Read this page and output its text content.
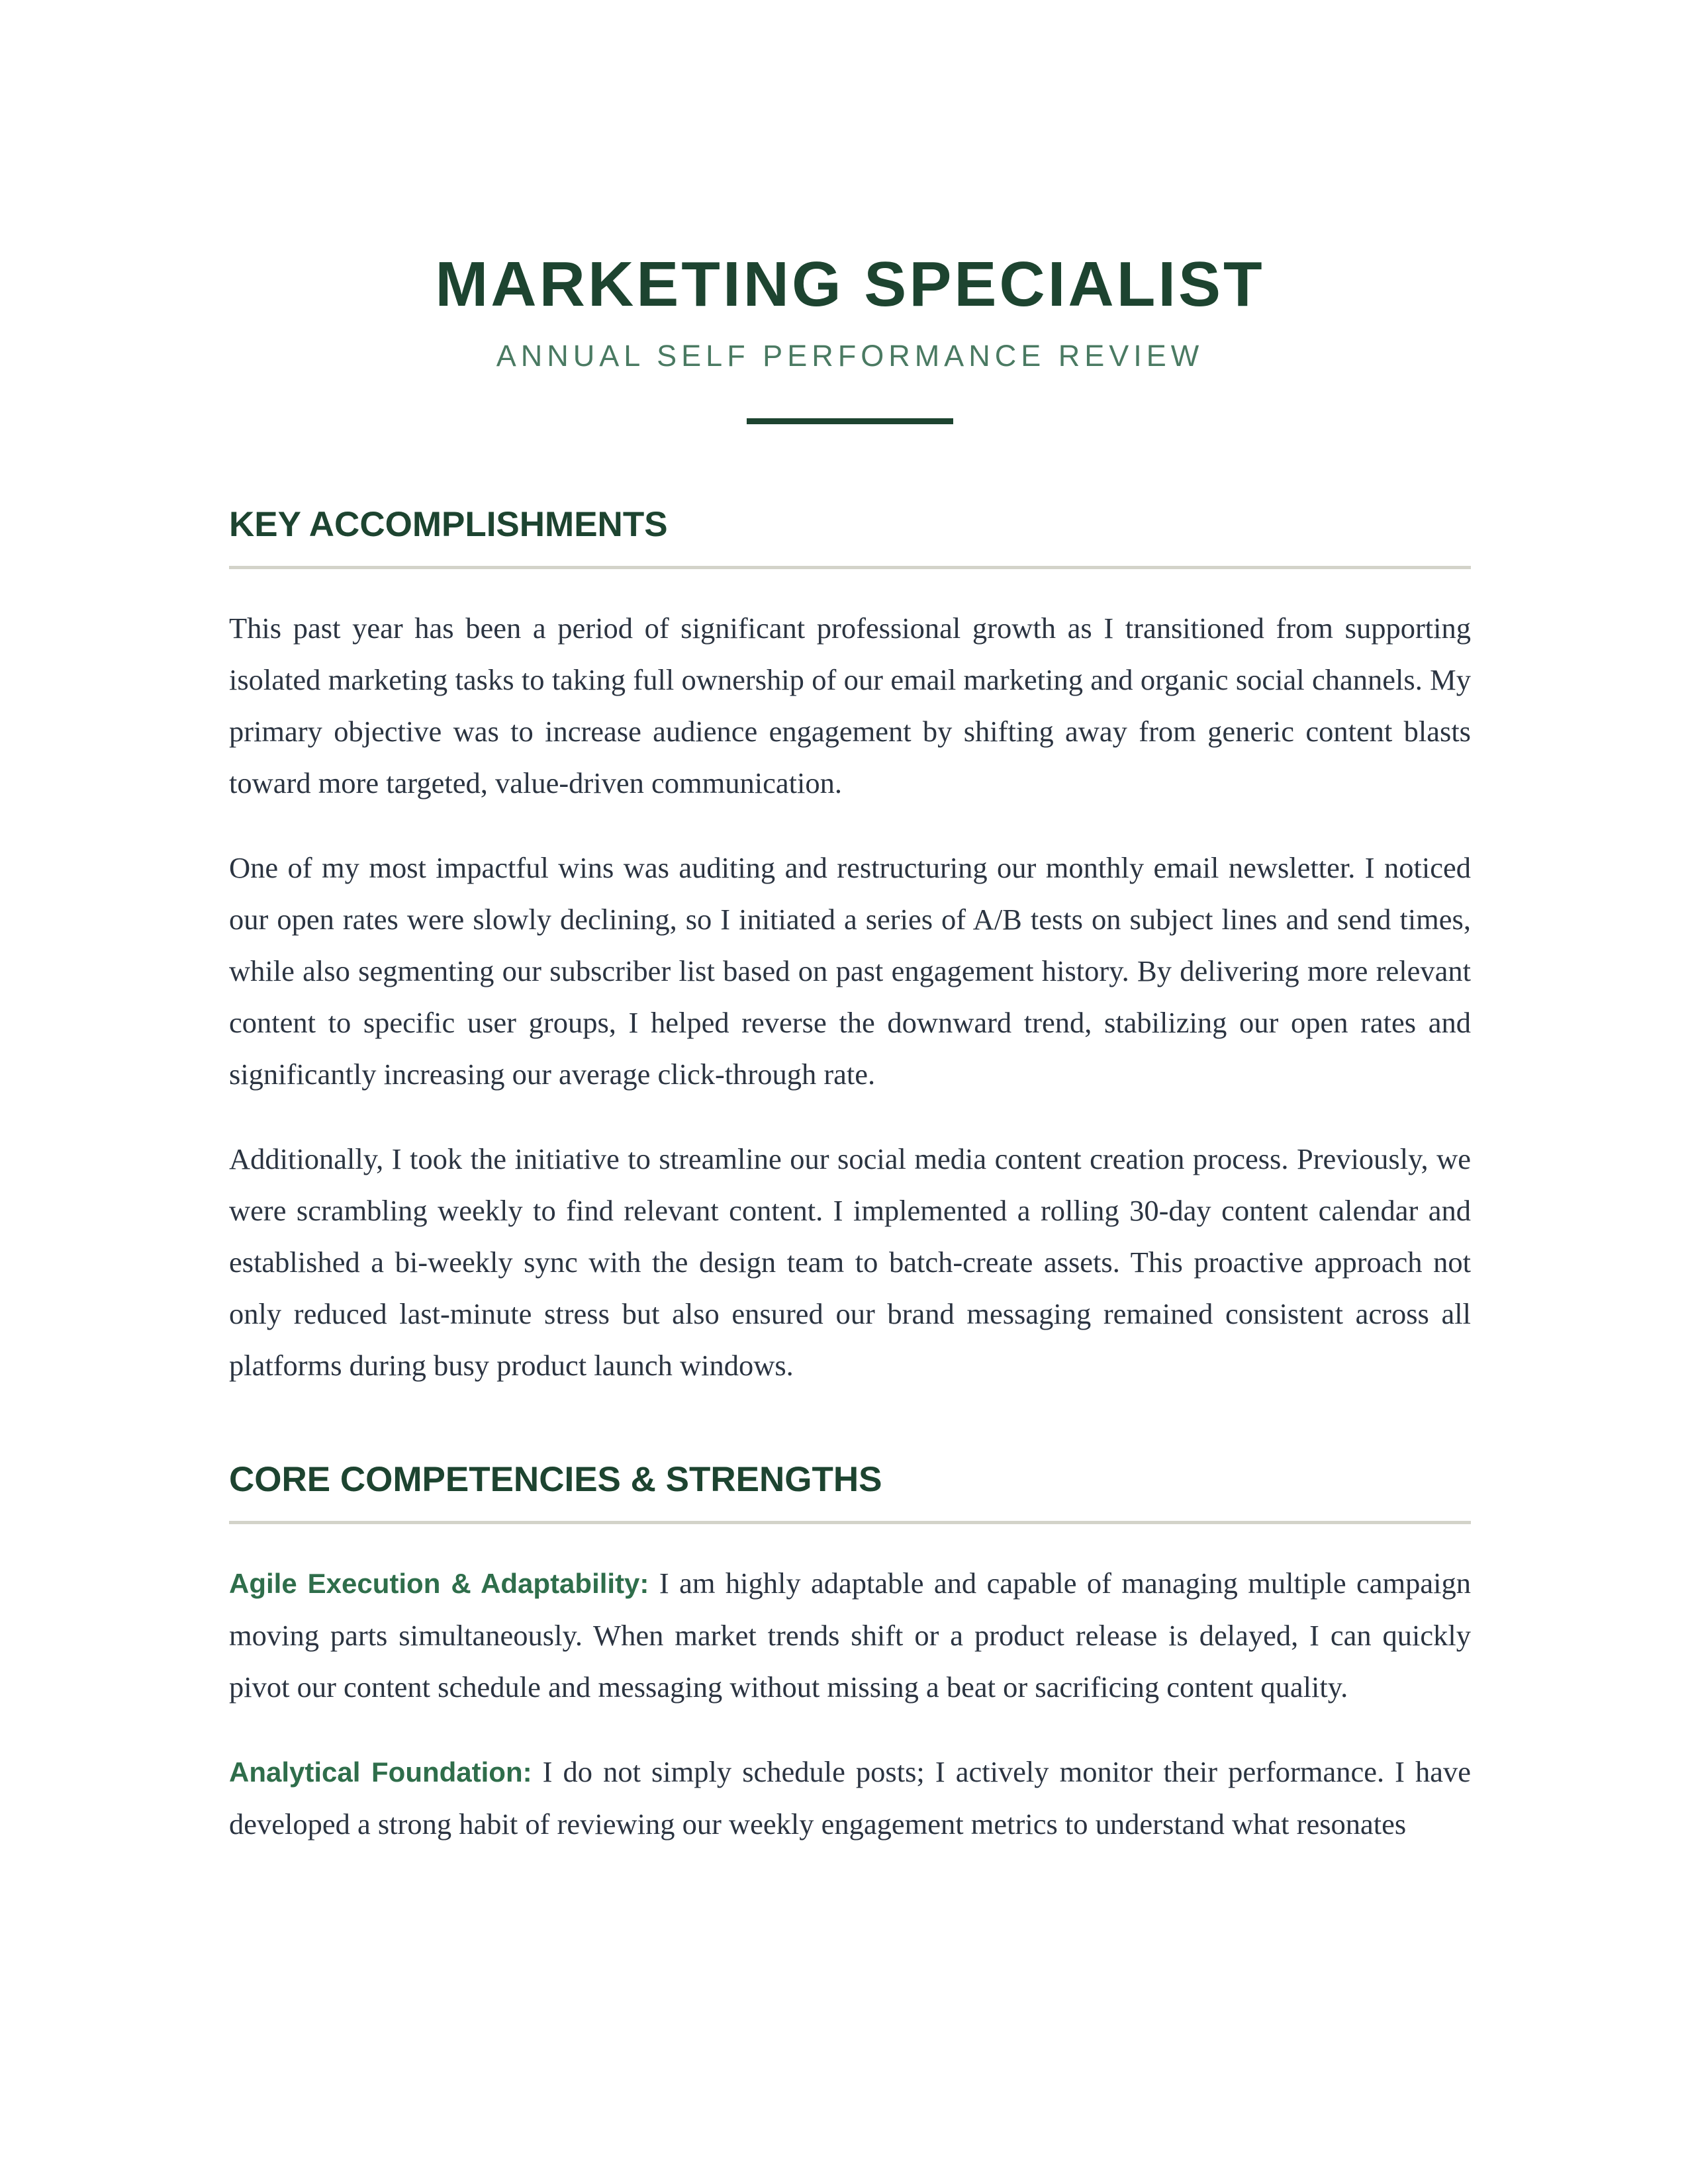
MARKETING SPECIALIST
ANNUAL SELF PERFORMANCE REVIEW
KEY ACCOMPLISHMENTS

This past year has been a period of significant professional growth as I transitioned from supporting isolated marketing tasks to taking full ownership of our email marketing and organic social channels. My primary objective was to increase audience engagement by shifting away from generic content blasts toward more targeted, value-driven communication.

One of my most impactful wins was auditing and restructuring our monthly email newsletter. I noticed our open rates were slowly declining, so I initiated a series of A/B tests on subject lines and send times, while also segmenting our subscriber list based on past engagement history. By delivering more relevant content to specific user groups, I helped reverse the downward trend, stabilizing our open rates and significantly increasing our average click-through rate.

Additionally, I took the initiative to streamline our social media content creation process. Previously, we were scrambling weekly to find relevant content. I implemented a rolling 30-day content calendar and established a bi-weekly sync with the design team to batch-create assets. This proactive approach not only reduced last-minute stress but also ensured our brand messaging remained consistent across all platforms during busy product launch windows.

CORE COMPETENCIES & STRENGTHS

Agile Execution & Adaptability: I am highly adaptable and capable of managing multiple campaign moving parts simultaneously. When market trends shift or a product release is delayed, I can quickly pivot our content schedule and messaging without missing a beat or sacrificing content quality.

Analytical Foundation: I do not simply schedule posts; I actively monitor their performance. I have developed a strong habit of reviewing our weekly engagement metrics to understand what resonates
